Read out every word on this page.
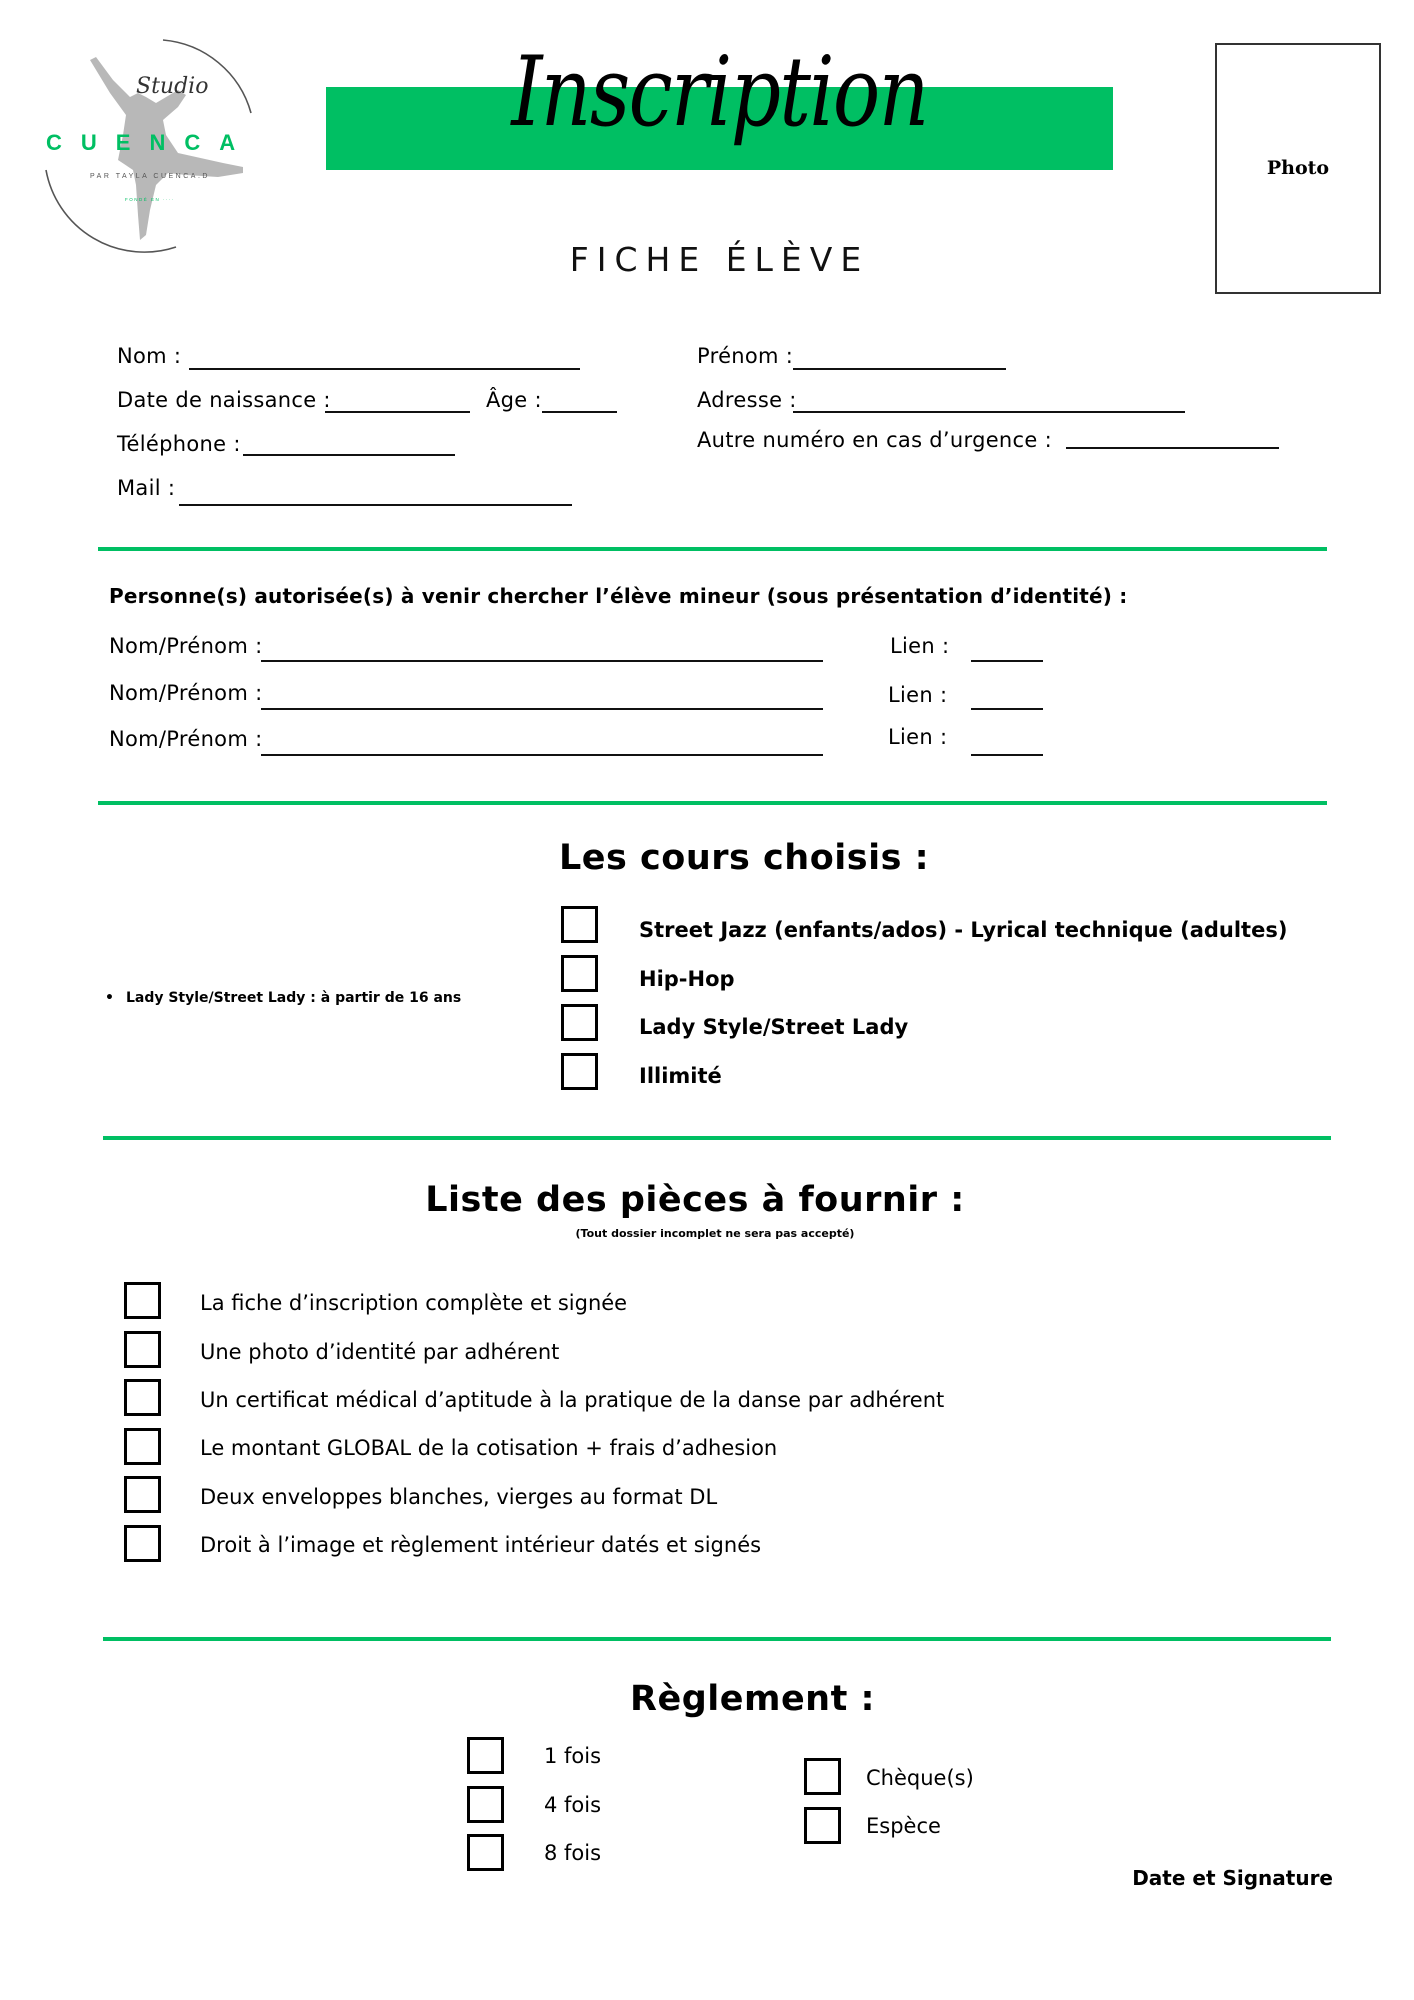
Studio
CUENCA
PAR TAYLA CUENCA.D
FONDÉ EN ····
Inscription
FICHE ÉLÈVE
Photo
Nom :	Prénom :
Date de naissance :	Âge :	Adresse :
Téléphone :	Autre numéro en cas d’urgence :
Mail :
Personne(s) autorisée(s) à venir chercher l’élève mineur (sous présentation d’identité) :
Nom/Prénom :	Lien :
Nom/Prénom :	Lien :
Nom/Prénom :	Lien :
Les cours choisis :
• Lady Style/Street Lady : à partir de 16 ans
Street Jazz (enfants/ados) - Lyrical technique (adultes)
Hip-Hop
Lady Style/Street Lady
Illimité
Liste des pièces à fournir :
(Tout dossier incomplet ne sera pas accepté)
La fiche d’inscription complète et signée
Une photo d’identité par adhérent
Un certificat médical d’aptitude à la pratique de la danse par adhérent
Le montant GLOBAL de la cotisation + frais d’adhesion
Deux enveloppes blanches, vierges au format DL
Droit à l’image et règlement intérieur datés et signés
Règlement :
1 fois
4 fois
8 fois
Chèque(s)
Espèce
Date et Signature
